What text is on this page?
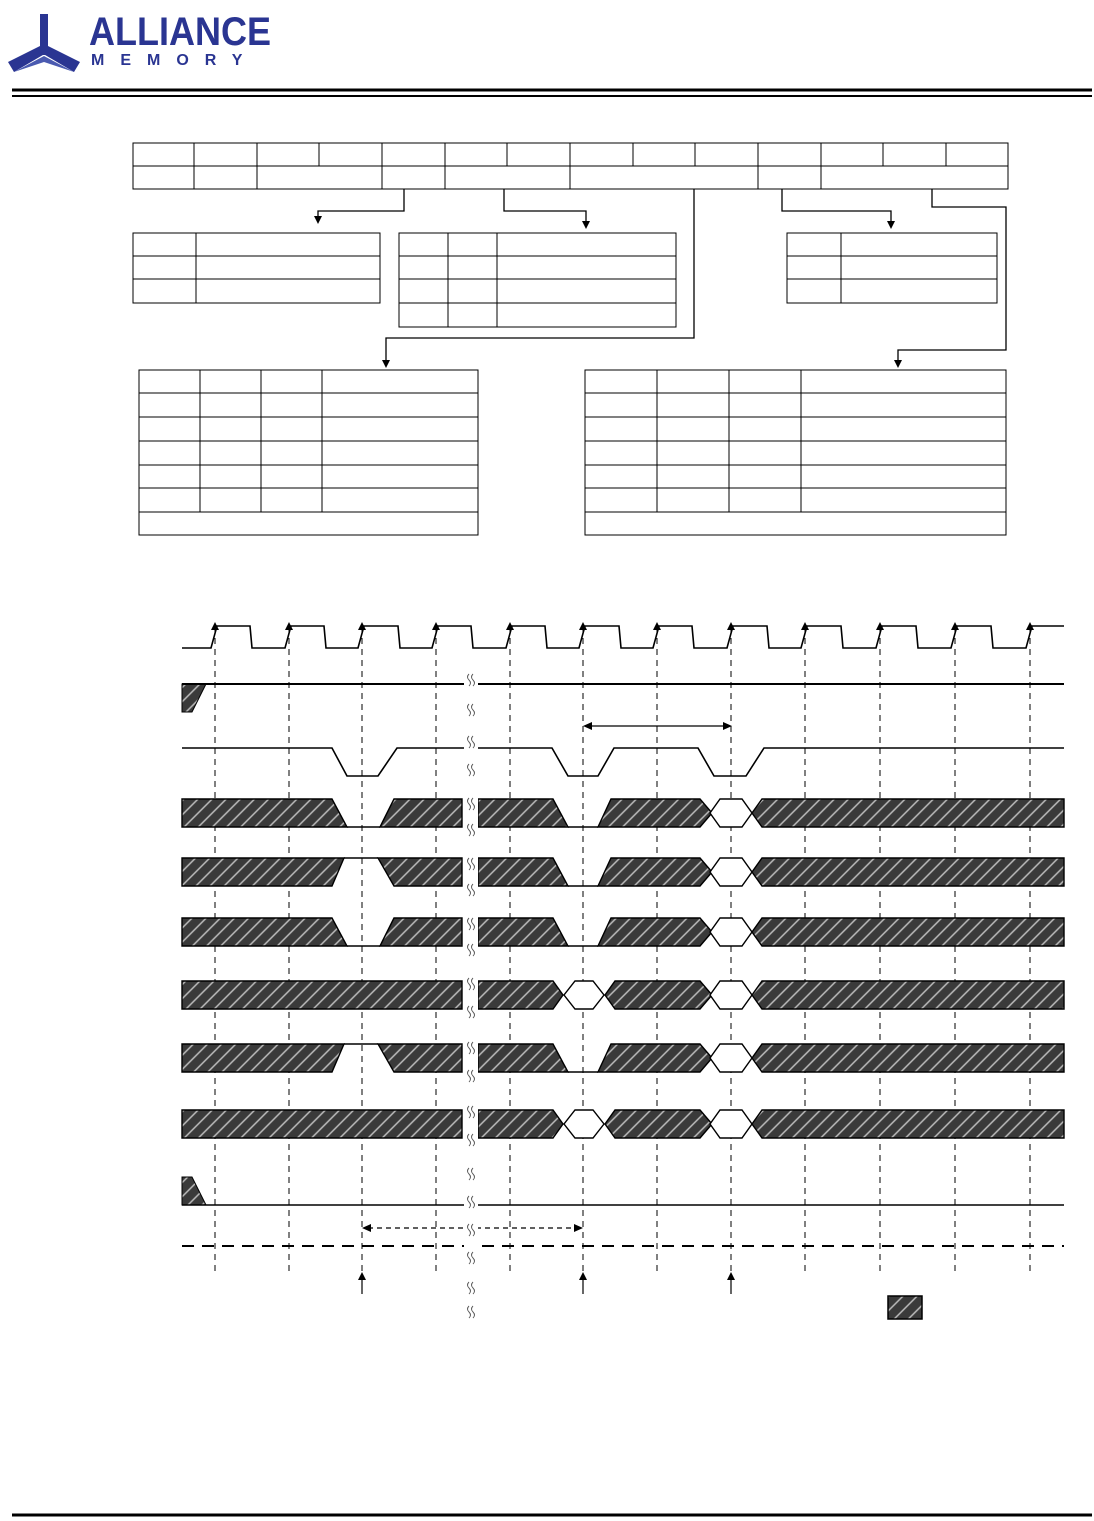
ALLIANCE
MEMORY
